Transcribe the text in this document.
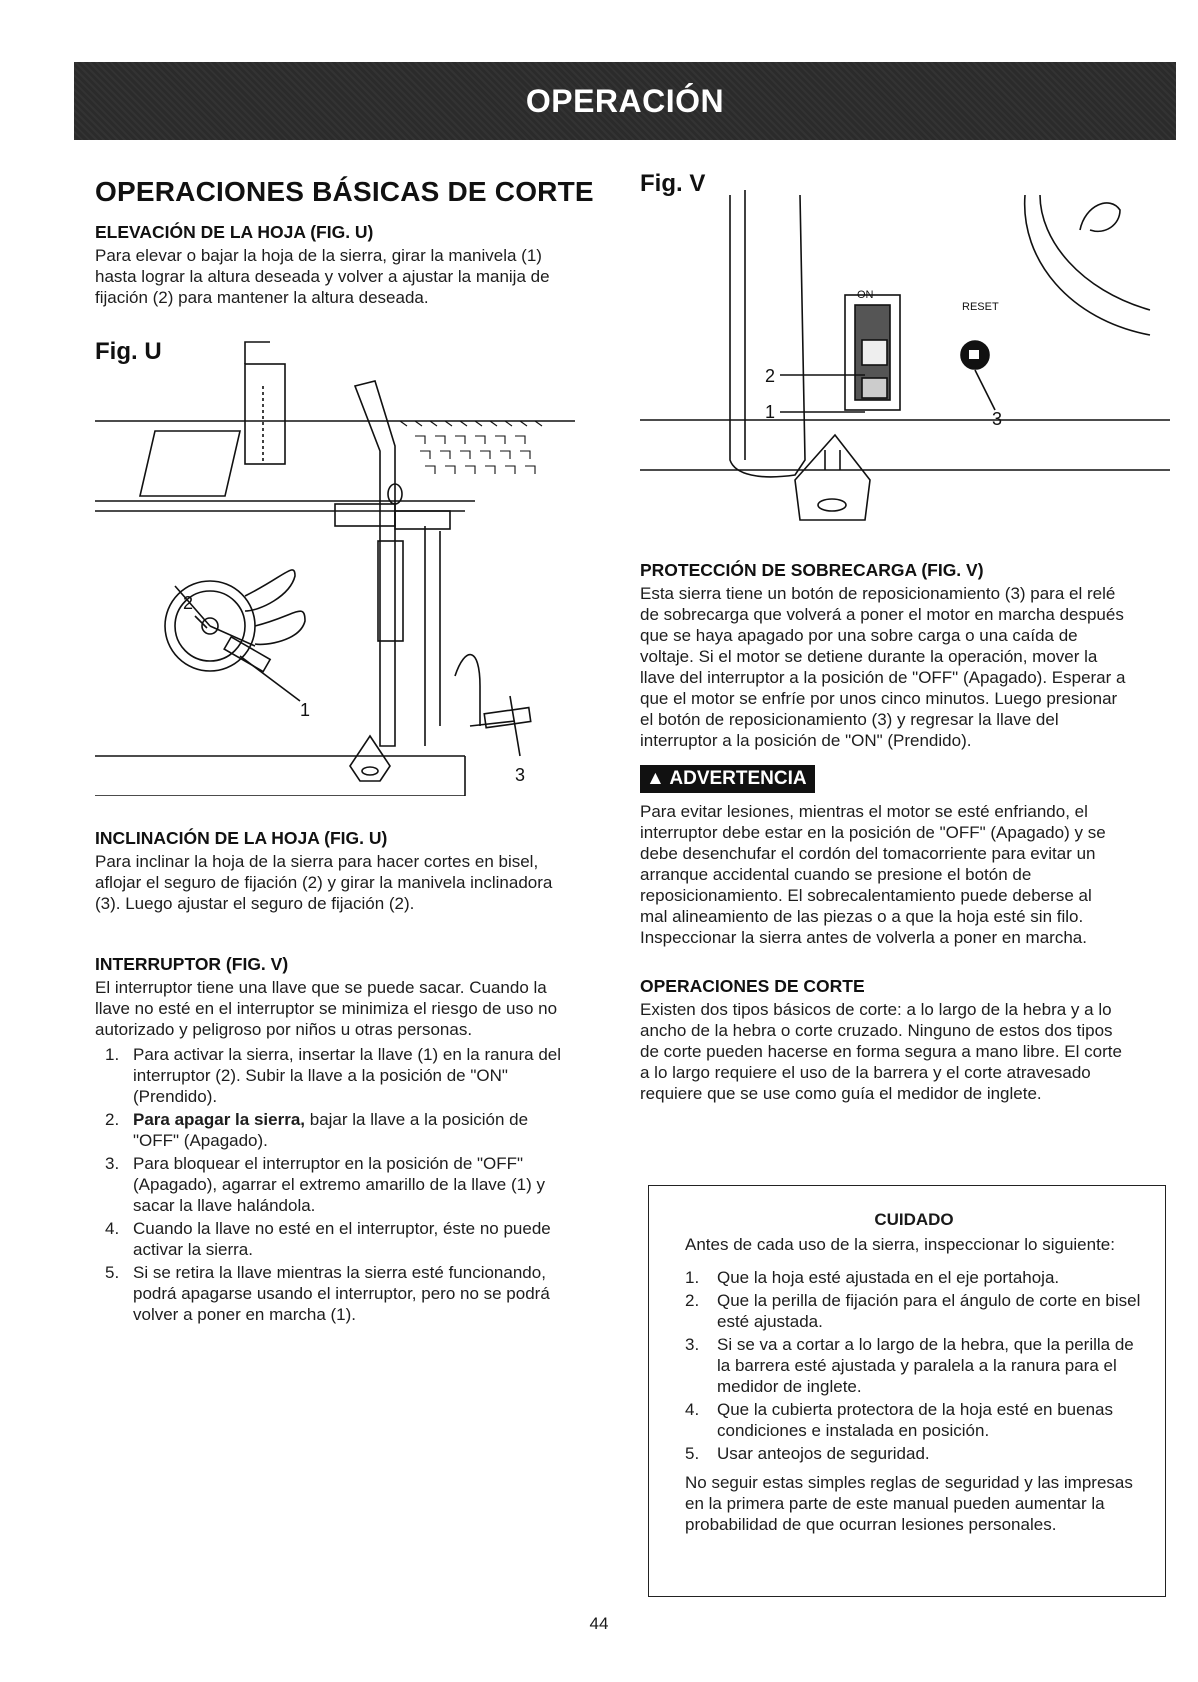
OPERACIÓN
OPERACIONES BÁSICAS DE CORTE
ELEVACIÓN DE LA HOJA (FIG. U)

Para elevar o bajar la hoja de la sierra, girar la manivela (1) hasta lograr la altura deseada y volver a ajustar la manija de fijación (2) para mantener la altura deseada.

Fig. U
2
1
3
INCLINACIÓN DE LA HOJA (FIG. U)

Para inclinar la hoja de la sierra para hacer cortes en bisel, aflojar el seguro de fijación (2) y girar la manivela inclinadora (3). Luego ajustar el seguro de fijación (2).

INTERRUPTOR (FIG. V)

El interruptor tiene una llave que se puede sacar. Cuando la llave no esté en el interruptor se minimiza el riesgo de uso no autorizado y peligroso por niños u otras personas.

1. Para activar la sierra, insertar la llave (1) en la ranura del interruptor (2). Subir la llave a la posición de "ON" (Prendido).
2. Para apagar la sierra, bajar la llave a la posición de "OFF" (Apagado).
3. Para bloquear el interruptor en la posición de "OFF" (Apagado), agarrar el extremo amarillo de la llave (1) y sacar la llave halándola.
4. Cuando la llave no esté en el interruptor, éste no puede activar la sierra.
5. Si se retira la llave mientras la sierra esté funcionando, podrá apagarse usando el interruptor, pero no se podrá volver a poner en marcha (1).
Fig. V
ON
RESET
2
1	3
PROTECCIÓN DE SOBRECARGA (FIG. V)

Esta sierra tiene un botón de reposicionamiento (3) para el relé de sobrecarga que volverá a poner el motor en marcha después que se haya apagado por una sobre carga o una caída de voltaje. Si el motor se detiene durante la operación, mover la llave del interruptor a la posición de "OFF" (Apagado). Esperar a que el motor se enfríe por unos cinco minutos. Luego presionar el botón de reposicionamiento (3) y regresar la llave del interruptor a la posición de "ON" (Prendido).

▲ ADVERTENCIA

Para evitar lesiones, mientras el motor se esté enfriando, el interruptor debe estar en la posición de "OFF" (Apagado) y se debe desenchufar el cordón del tomacorriente para evitar un arranque accidental cuando se presione el botón de reposicionamiento. El sobrecalentamiento puede deberse al mal alineamiento de las piezas o a que la hoja esté sin filo. Inspeccionar la sierra antes de volverla a poner en marcha.

OPERACIONES DE CORTE

Existen dos tipos básicos de corte: a lo largo de la hebra y a lo ancho de la hebra o corte cruzado. Ninguno de estos dos tipos de corte pueden hacerse en forma segura a mano libre. El corte a lo largo requiere el uso de la barrera y el corte atravesado requiere que se use como guía el medidor de inglete.

CUIDADO

Antes de cada uso de la sierra, inspeccionar lo siguiente:

1. Que la hoja esté ajustada en el eje portahoja.
2. Que la perilla de fijación para el ángulo de corte en bisel esté ajustada.
3. Si se va a cortar a lo largo de la hebra, que la perilla de la barrera esté ajustada y paralela a la ranura para el medidor de inglete.
4. Que la cubierta protectora de la hoja esté en buenas condiciones e instalada en posición.
5. Usar anteojos de seguridad.

No seguir estas simples reglas de seguridad y las impresas en la primera parte de este manual pueden aumentar la probabilidad de que ocurran lesiones personales.

44
